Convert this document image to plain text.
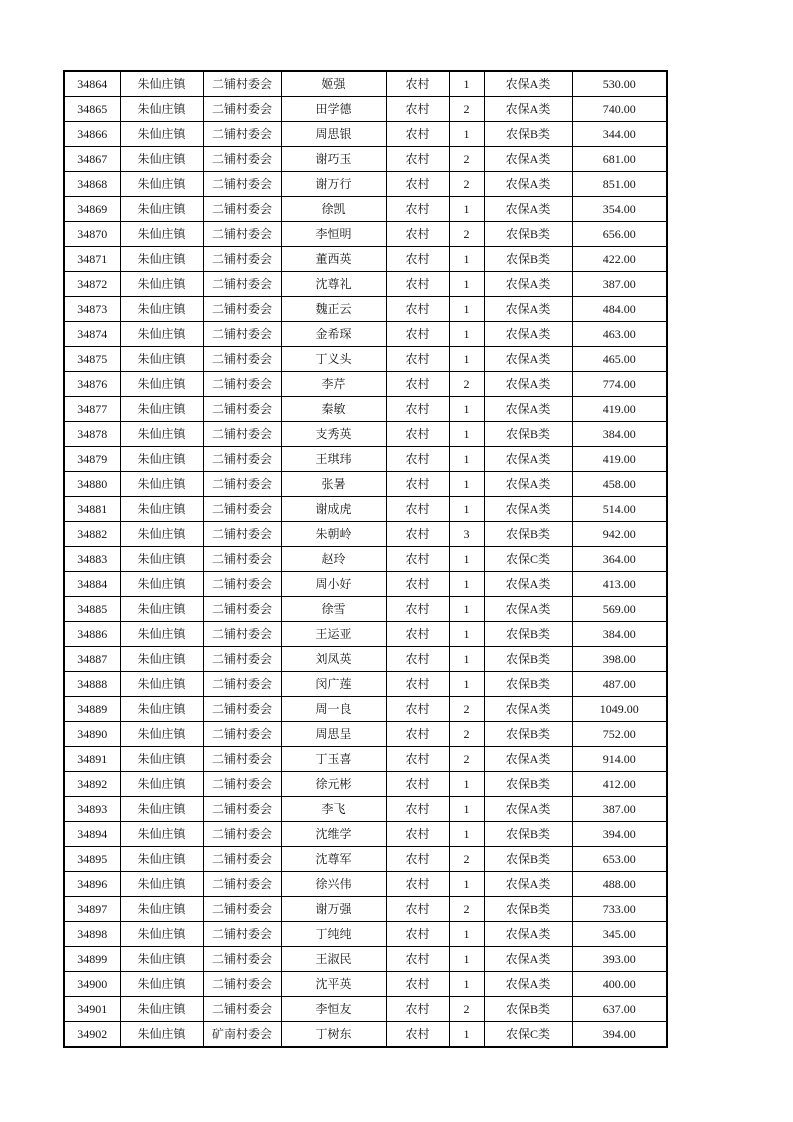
34864	朱仙庄镇	二铺村委会	姬强	农村	1	农保A类	530.00
34865	朱仙庄镇	二铺村委会	田学德	农村	2	农保A类	740.00
34866	朱仙庄镇	二铺村委会	周思银	农村	1	农保B类	344.00
34867	朱仙庄镇	二铺村委会	谢巧玉	农村	2	农保A类	681.00
34868	朱仙庄镇	二铺村委会	谢万行	农村	2	农保A类	851.00
34869	朱仙庄镇	二铺村委会	徐凯	农村	1	农保A类	354.00
34870	朱仙庄镇	二铺村委会	李恒明	农村	2	农保B类	656.00
34871	朱仙庄镇	二铺村委会	董西英	农村	1	农保B类	422.00
34872	朱仙庄镇	二铺村委会	沈尊礼	农村	1	农保A类	387.00
34873	朱仙庄镇	二铺村委会	魏正云	农村	1	农保A类	484.00
34874	朱仙庄镇	二铺村委会	金希琛	农村	1	农保A类	463.00
34875	朱仙庄镇	二铺村委会	丁义头	农村	1	农保A类	465.00
34876	朱仙庄镇	二铺村委会	李芹	农村	2	农保A类	774.00
34877	朱仙庄镇	二铺村委会	秦敏	农村	1	农保A类	419.00
34878	朱仙庄镇	二铺村委会	支秀英	农村	1	农保B类	384.00
34879	朱仙庄镇	二铺村委会	王琪玮	农村	1	农保A类	419.00
34880	朱仙庄镇	二铺村委会	张暑	农村	1	农保A类	458.00
34881	朱仙庄镇	二铺村委会	谢成虎	农村	1	农保A类	514.00
34882	朱仙庄镇	二铺村委会	朱朝岭	农村	3	农保B类	942.00
34883	朱仙庄镇	二铺村委会	赵玲	农村	1	农保C类	364.00
34884	朱仙庄镇	二铺村委会	周小好	农村	1	农保A类	413.00
34885	朱仙庄镇	二铺村委会	徐雪	农村	1	农保A类	569.00
34886	朱仙庄镇	二铺村委会	王运亚	农村	1	农保B类	384.00
34887	朱仙庄镇	二铺村委会	刘凤英	农村	1	农保B类	398.00
34888	朱仙庄镇	二铺村委会	闵广莲	农村	1	农保B类	487.00
34889	朱仙庄镇	二铺村委会	周一良	农村	2	农保A类	1049.00
34890	朱仙庄镇	二铺村委会	周思呈	农村	2	农保B类	752.00
34891	朱仙庄镇	二铺村委会	丁玉喜	农村	2	农保A类	914.00
34892	朱仙庄镇	二铺村委会	徐元彬	农村	1	农保B类	412.00
34893	朱仙庄镇	二铺村委会	李飞	农村	1	农保A类	387.00
34894	朱仙庄镇	二铺村委会	沈维学	农村	1	农保B类	394.00
34895	朱仙庄镇	二铺村委会	沈尊军	农村	2	农保B类	653.00
34896	朱仙庄镇	二铺村委会	徐兴伟	农村	1	农保A类	488.00
34897	朱仙庄镇	二铺村委会	谢万强	农村	2	农保B类	733.00
34898	朱仙庄镇	二铺村委会	丁纯纯	农村	1	农保A类	345.00
34899	朱仙庄镇	二铺村委会	王淑民	农村	1	农保A类	393.00
34900	朱仙庄镇	二铺村委会	沈平英	农村	1	农保A类	400.00
34901	朱仙庄镇	二铺村委会	李恒友	农村	2	农保B类	637.00
34902	朱仙庄镇	矿南村委会	丁树东	农村	1	农保C类	394.00
